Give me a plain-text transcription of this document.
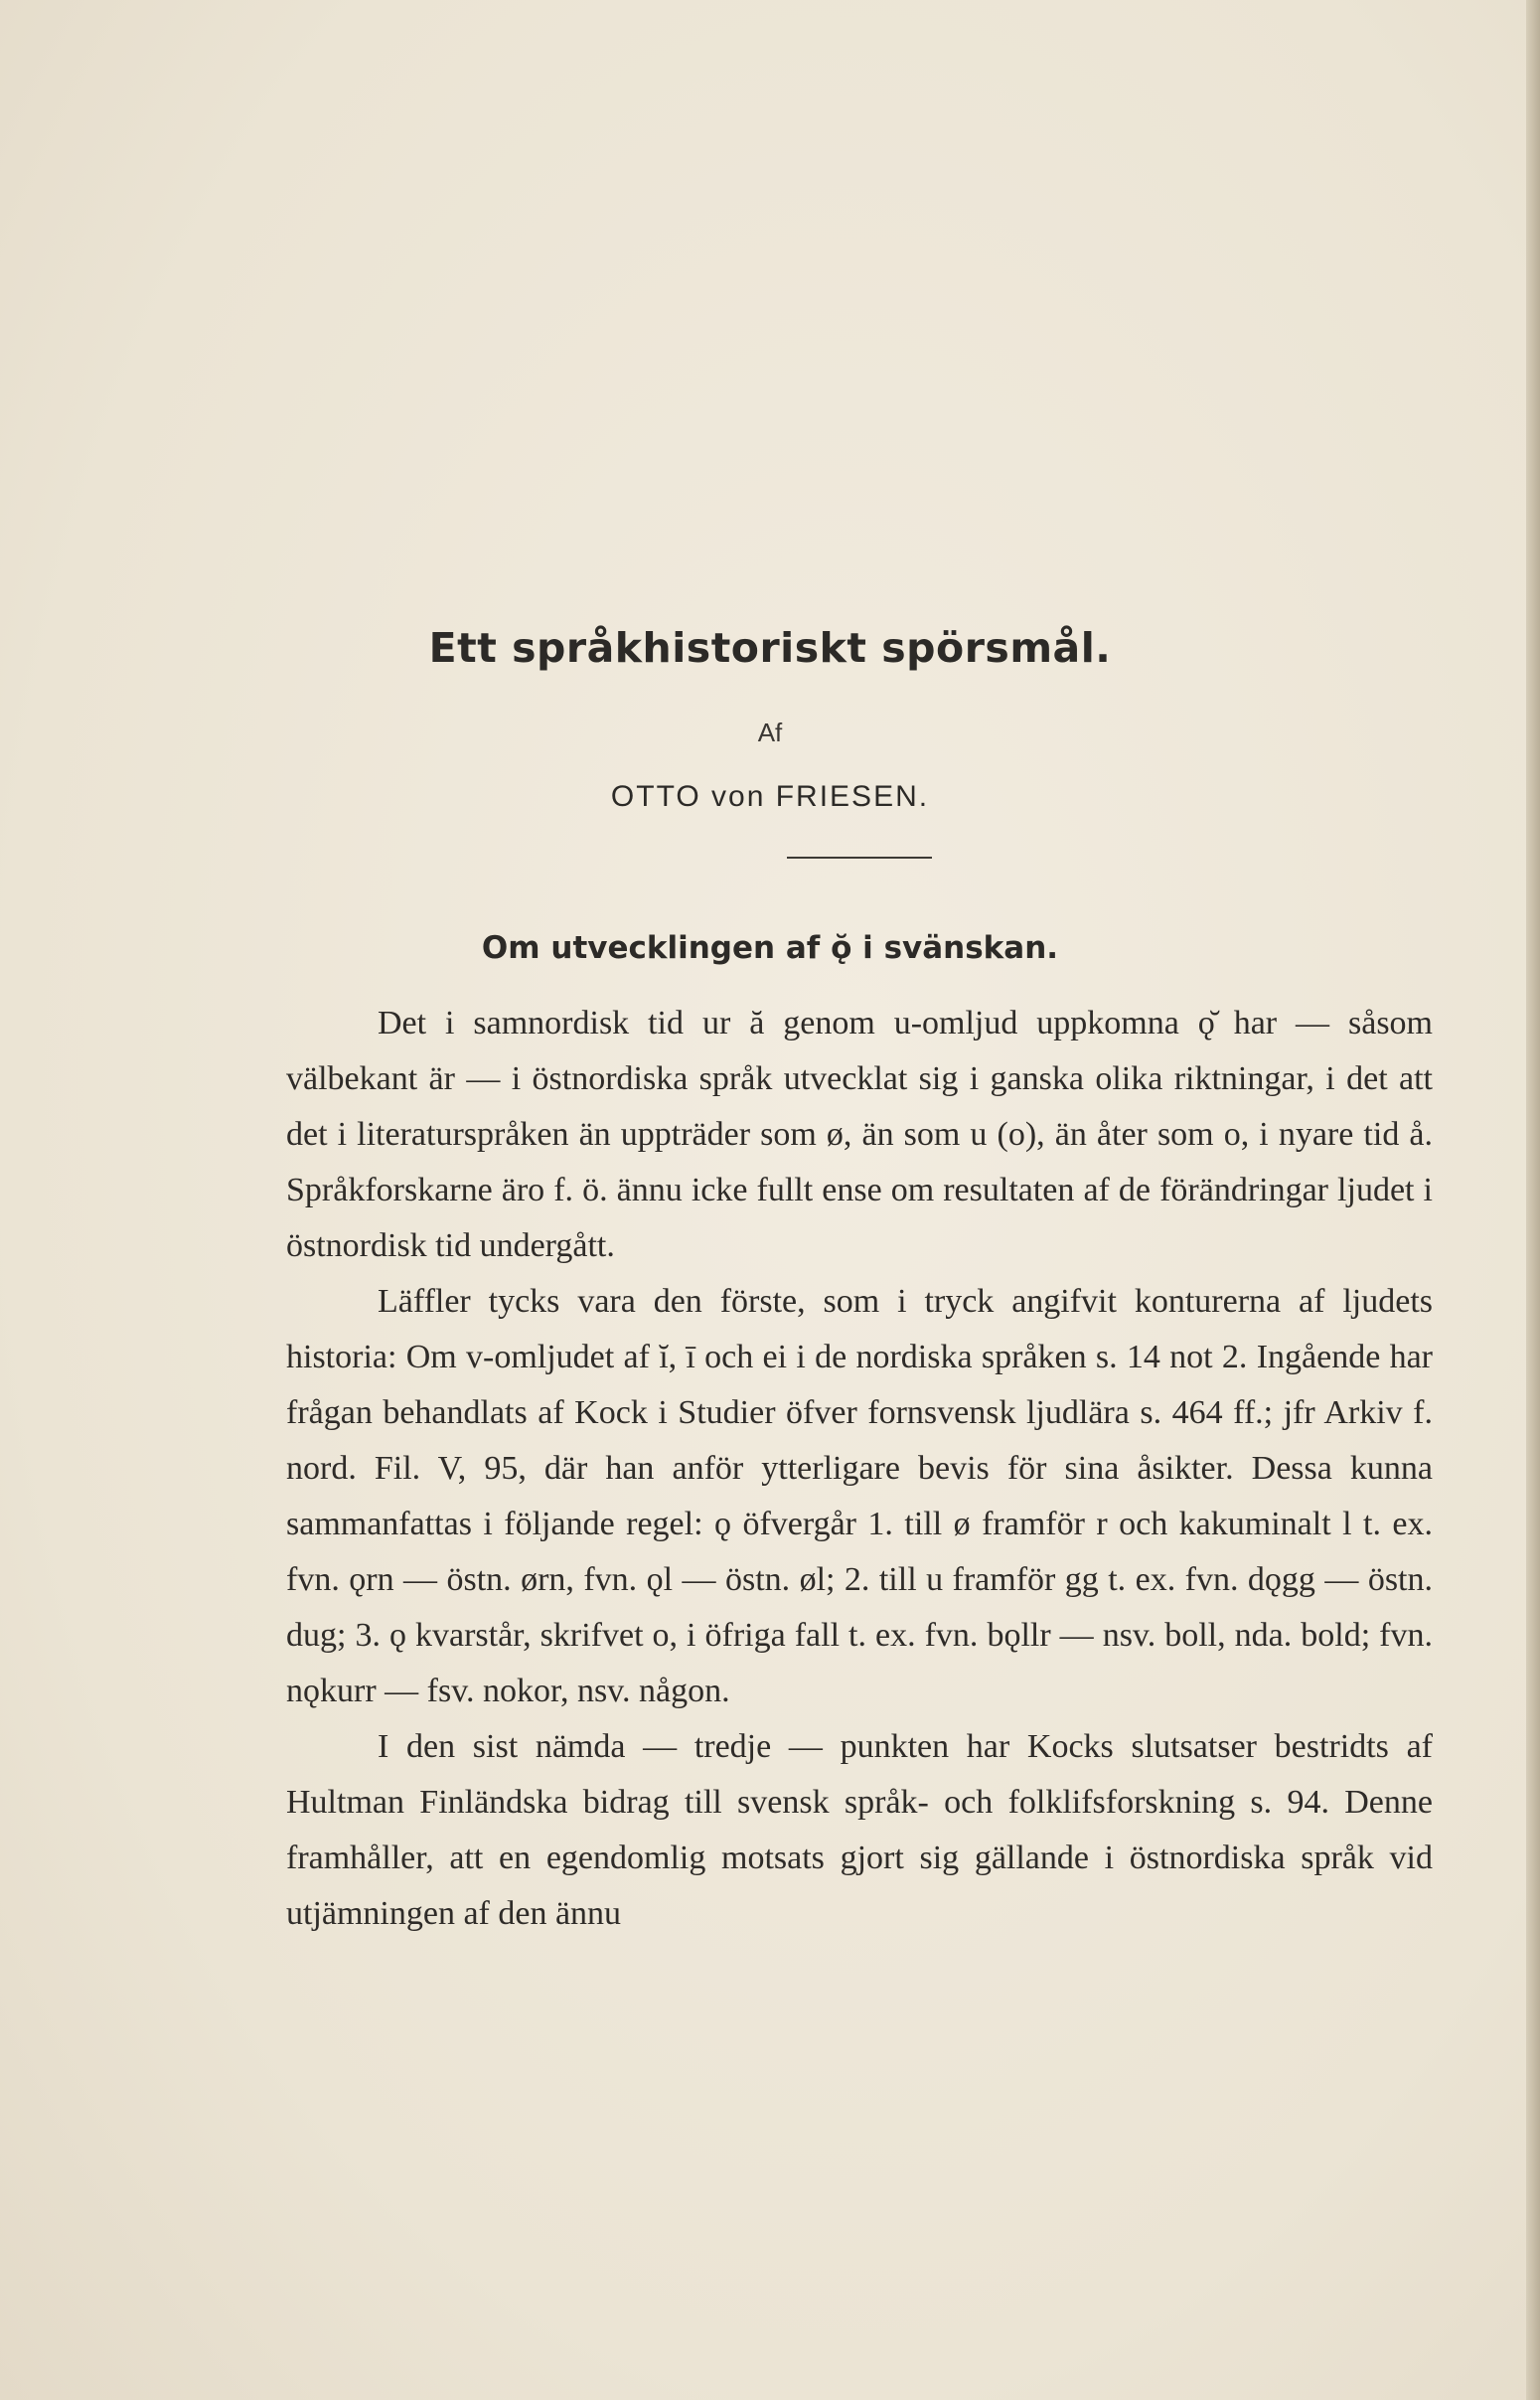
Ett språkhistoriskt spörsmål.
Af
OTTO von FRIESEN.
Om utvecklingen af ǫ̆ i svänskan.

Det i samnordisk tid ur ă genom u-omljud uppkomna ǫ̆ har — såsom välbekant är — i östnordiska språk utvecklat sig i ganska olika riktningar, i det att det i literaturspråken än uppträder som ø, än som u (o), än åter som o, i nyare tid å. Språkforskarne äro f. ö. ännu icke fullt ense om resultaten af de förändringar ljudet i östnordisk tid undergått.

Läffler tycks vara den förste, som i tryck angifvit konturerna af ljudets historia: Om v-omljudet af ĭ, ī och ei i de nordiska språken s. 14 not 2. Ingående har frågan behandlats af Kock i Studier öfver fornsvensk ljudlära s. 464 ff.; jfr Arkiv f. nord. Fil. V, 95, där han anför ytterligare bevis för sina åsikter. Dessa kunna sammanfattas i följande regel: ǫ öfvergår 1. till ø framför r och kakuminalt l t. ex. fvn. ǫrn — östn. ørn, fvn. ǫl — östn. øl; 2. till u framför gg t. ex. fvn. dǫgg — östn. dug; 3. ǫ kvarstår, skrifvet o, i öfriga fall t. ex. fvn. bǫllr — nsv. boll, nda. bold; fvn. nǫkurr — fsv. nokor, nsv. någon.

I den sist nämda — tredje — punkten har Kocks slutsatser bestridts af Hultman Finländska bidrag till svensk språk- och folklifsforskning s. 94. Denne framhåller, att en egendomlig motsats gjort sig gällande i östnordiska språk vid utjämningen af den ännu
